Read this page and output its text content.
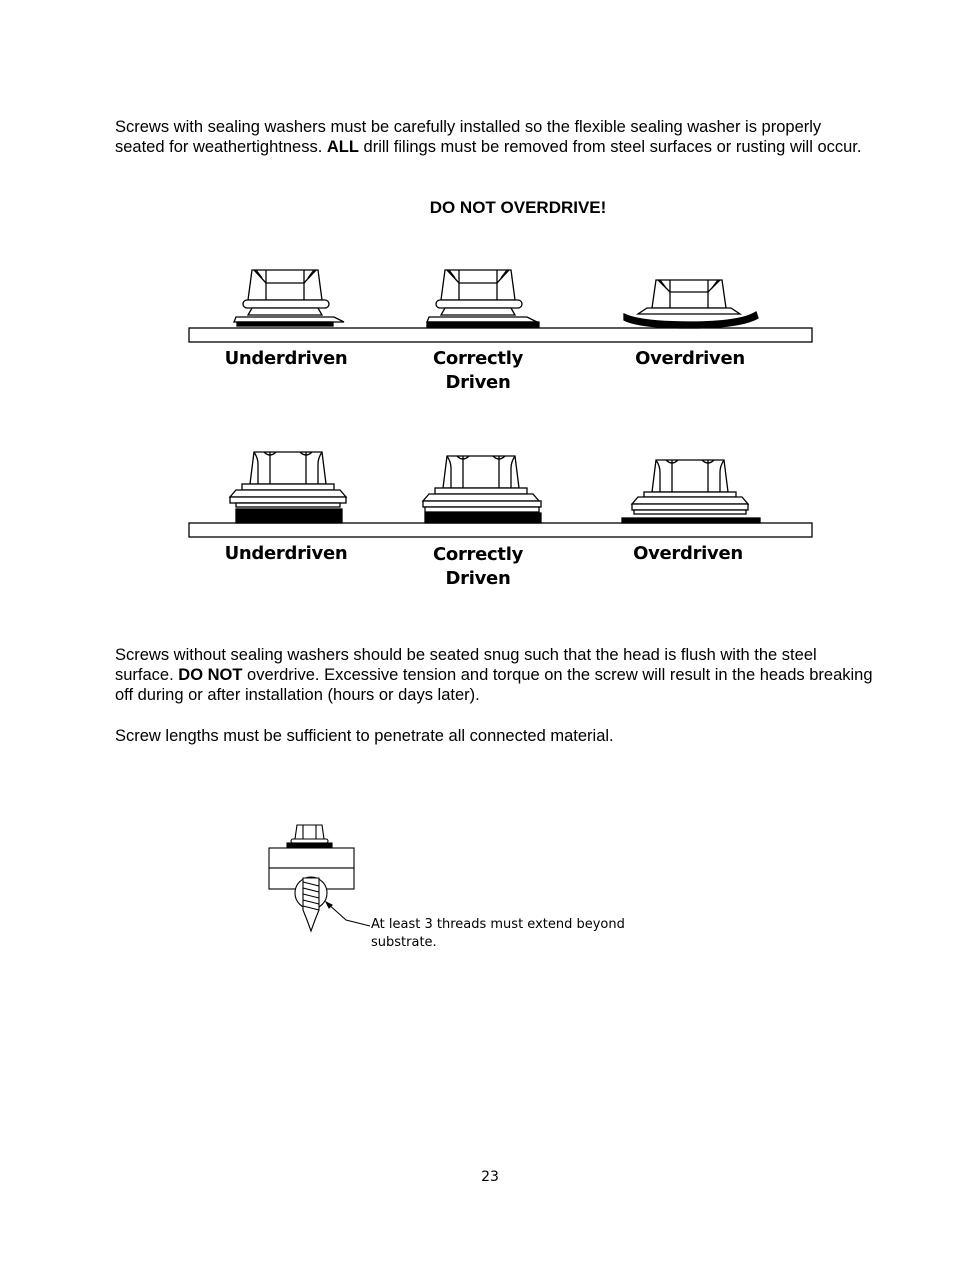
Screws with sealing washers must be carefully installed so the flexible sealing washer is properly seated for weathertightness. ALL drill filings must be removed from steel surfaces or rusting will occur.
DO NOT OVERDRIVE!
Underdriven	Correctly
Driven
Overdriven
Underdriven	Correctly
Driven
Overdriven
Screws without sealing washers should be seated snug such that the head is flush with the steel surface. DO NOT overdrive. Excessive tension and torque on the screw will result in the heads breaking off during or after installation (hours or days later).
Screw lengths must be sufficient to penetrate all connected material.
At least 3 threads must extend beyond
substrate.
23
